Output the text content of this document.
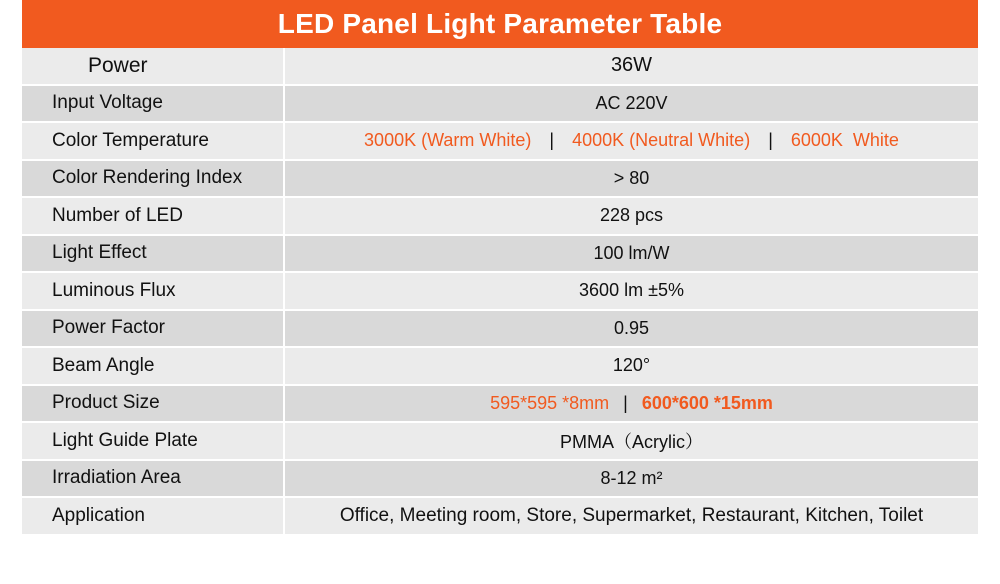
LED Panel Light Parameter Table
Power	36W
Input Voltage	AC 220V
Color Temperature	3000K (Warm White) | 4000K (Neutral White) | 6000K  White
Color Rendering Index	> 80
Number of LED	228 pcs
Light Effect	100 lm/W
Luminous Flux	3600 lm ±5%
Power Factor	0.95
Beam Angle	120°
Product Size	595*595 *8mm | 600*600 *15mm
Light Guide Plate	PMMA（Acrylic）
Irradiation Area	8-12 m²
Application	Office, Meeting room, Store, Supermarket, Restaurant, Kitchen, Toilet
